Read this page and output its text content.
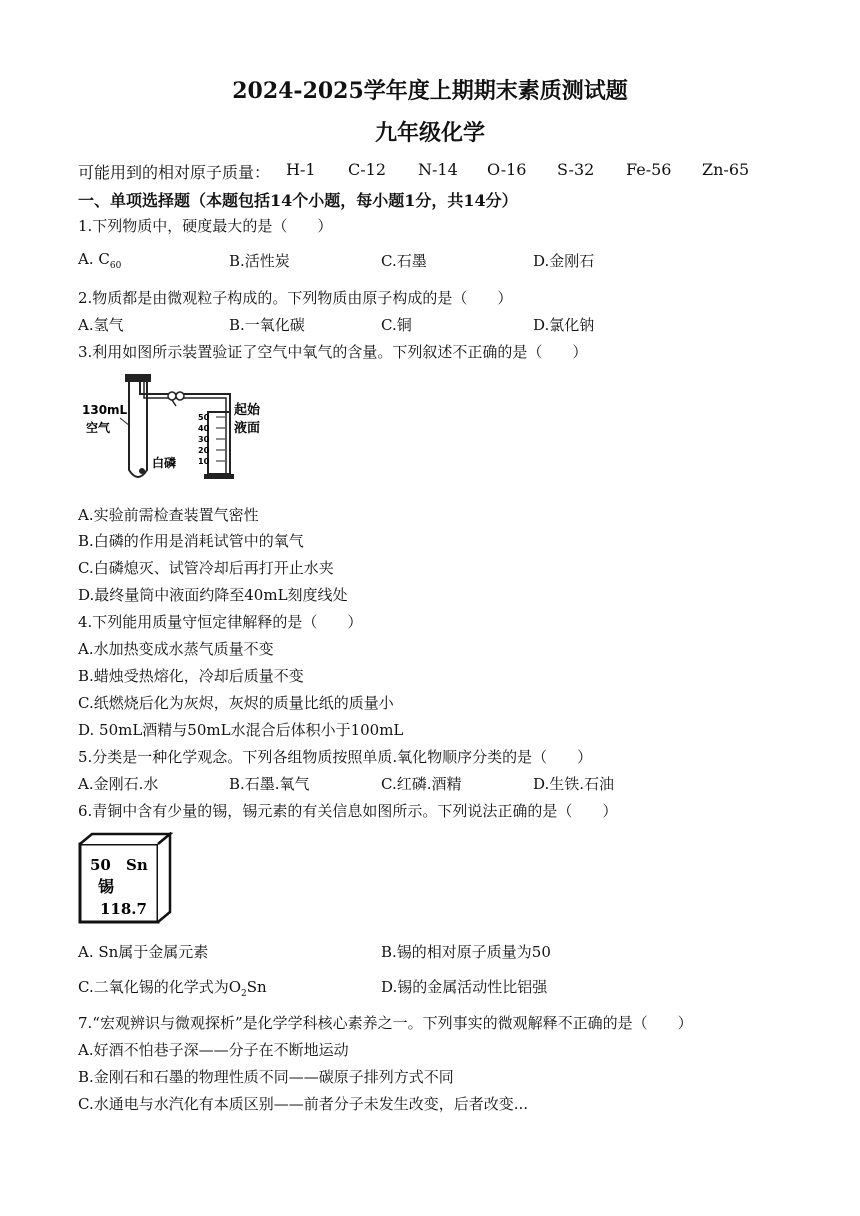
2024-2025学年度上期期末素质测试题
九年级化学
可能用到的相对原子质量： H-1 C-12 N-14 O-16 S-32 Fe-56 Zn-65
一、单项选择题（本题包括14个小题，每小题1分，共14分）
1.下列物质中，硬度最大的是（　　）
A. $C_{60}$	B.活性炭	C.石墨	D.金刚石
2.物质都是由微观粒子构成的。下列物质由原子构成的是（　　）
A.氢气	B.一氧化碳	C.铜	D.氯化钠
3.利用如图所示装置验证了空气中氧气的含量。下列叙述不正确的是（　　）
50
40
30
20
10
130mL
空气
白磷
起始
液面
A.实验前需检查装置气密性
B.白磷的作用是消耗试管中的氧气
C.白磷熄灭、试管冷却后再打开止水夹
D.最终量筒中液面约降至40mL刻度线处
4.下列能用质量守恒定律解释的是（　　）
A.水加热变成水蒸气质量不变
B.蜡烛受热熔化，冷却后质量不变
C.纸燃烧后化为灰烬，灰烬的质量比纸的质量小
D. 50mL酒精与50mL水混合后体积小于100mL
5.分类是一种化学观念。下列各组物质按照单质.氧化物顺序分类的是（　　）
A.金刚石.水	B.石墨.氧气	C.红磷.酒精	D.生铁.石油
6.青铜中含有少量的锡，锡元素的有关信息如图所示。下列说法正确的是（　　）
50 Sn
锡
118.7
A. Sn属于金属元素	B.锡的相对原子质量为50
C.二氧化锡的化学式为$O_2Sn$	D.锡的金属活动性比铝强
7.“宏观辨识与微观探析”是化学学科核心素养之一。下列事实的微观解释不正确的是（　　）
A.好酒不怕巷子深——分子在不断地运动
B.金刚石和石墨的物理性质不同——碳原子排列方式不同
C.水通电与水汽化有本质区别——前者分子未发生改变，后者改变...
